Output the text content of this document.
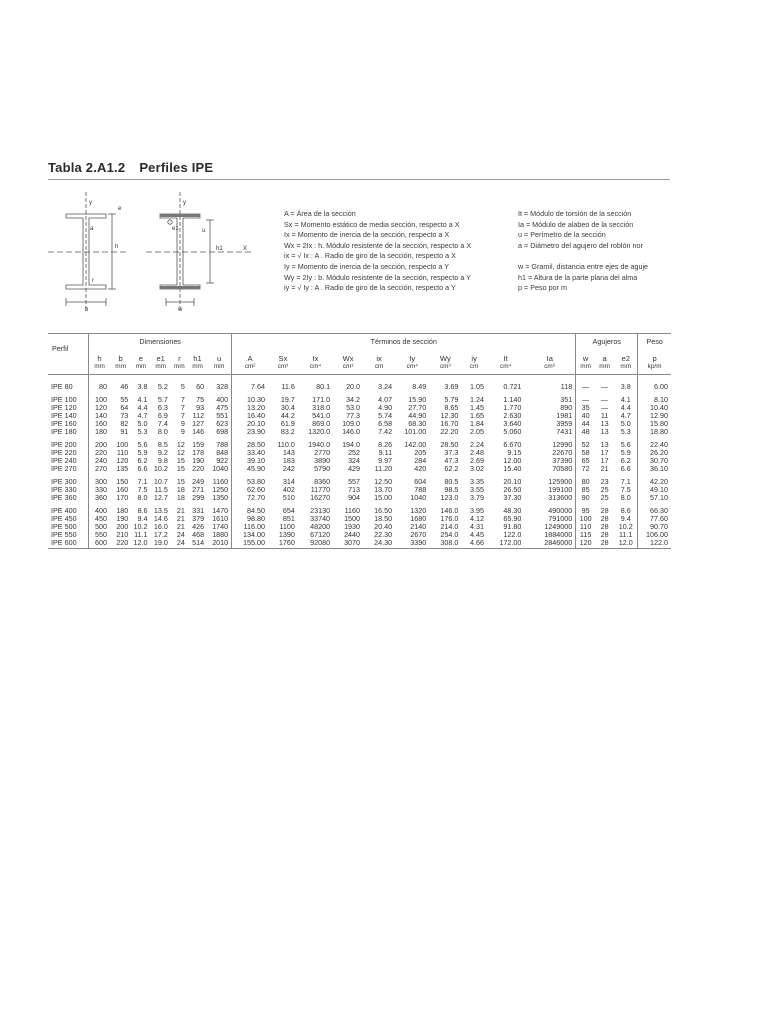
Tabla 2.A1.2 Perfiles IPE
y	y
e
a
h	h1	X
r
b	w
e1	u
A = Área de la sección
Sx = Momento estático de media sección, respecto a X
Ix = Momento de inercia de la sección, respecto a X
Wx = 2Ix : h. Módulo resistente de la sección, respecto a X
ix = √ Ix : A . Radio de giro de la sección, respecto a X
Iy = Momento de inercia de la sección, respecto a Y
Wy = 2Iy : b. Módulo resistente de la sección, respecto a Y
iy = √ Iy : A . Radio de giro de la sección, respecto a Y
It = Módulo de torsión de la sección
Ia = Módulo de alabeo de la sección
u = Perímetro de la sección
a = Diámetro del agujero del roblón nor

w = Gramil, distancia entre ejes de aguje
h1 = Altura de la parte plana del alma
p = Peso por m
Perfil	Dimensiones							Términos de sección										Agujeros			Peso
	h	b	e	e1	r	h1	u	A	Sx	Ix	Wx	ix	Iy	Wy	iy	It	Ia	w	a	e2	p
	mm	mm	mm	mm	mm	mm	mm	cm²	cm³	cm⁴	cm³	cm	cm⁴	cm³	cm	cm⁴	cm⁶	mm	mm	mm	kp/m
IPE 80	80	46	3.8	5.2	5	60	328	7.64	11.6	80.1	20.0	3.24	8.49	3.69	1.05	0.721	118	—	—	3.8	6.00
IPE 100	100	55	4.1	5.7	7	75	400	10.30	19.7	171.0	34.2	4.07	15.90	5.79	1.24	1.140	351	—	—	4.1	8.10
IPE 120	120	64	4.4	6.3	7	93	475	13.20	30.4	318.0	53.0	4.90	27.70	8.65	1.45	1.770	890	35	—	4.4	10.40
IPE 140	140	73	4.7	6.9	7	112	551	16.40	44.2	541.0	77.3	5.74	44.90	12.30	1.65	2.630	1981	40	11	4.7	12.90
IPE 160	160	82	5.0	7.4	9	127	623	20.10	61.9	869.0	109.0	6.58	68.30	16.70	1.84	3.640	3959	44	13	5.0	15.80
IPE 180	180	91	5.3	8.0	9	146	698	23.90	83.2	1320.0	146.0	7.42	101.00	22.20	2.05	5.060	7431	48	13	5.3	18.80
IPE 200	200	100	5.6	8.5	12	159	788	28.50	110.0	1940.0	194.0	8.26	142.00	28.50	2.24	6.670	12990	52	13	5.6	22.40
IPE 220	220	110	5.9	9.2	12	178	848	33.40	143	2770	252	9.11	205	37.3	2.48	9.15	22670	58	17	5.9	26.20
IPE 240	240	120	6.2	9.8	15	190	922	39.10	183	3890	324	9.97	284	47.3	2.69	12.00	37390	65	17	6.2	30.70
IPE 270	270	135	6.6	10.2	15	220	1040	45.90	242	5790	429	11.20	420	62.2	3.02	15.40	70580	72	21	6.6	36.10
IPE 300	300	150	7.1	10.7	15	249	1160	53.80	314	8360	557	12.50	604	80.5	3.35	20.10	125900	80	23	7.1	42.20
IPE 330	330	160	7.5	11.5	18	271	1250	62.60	402	11770	713	13.70	788	98.5	3.55	26.50	199100	85	25	7.5	49.10
IPE 360	360	170	8.0	12.7	18	299	1350	72.70	510	16270	904	15.00	1040	123.0	3.79	37.30	313600	90	25	8.0	57.10
IPE 400	400	180	8.6	13.5	21	331	1470	84.50	654	23130	1160	16.50	1320	146.0	3.95	48.30	490000	95	28	8.6	66.30
IPE 450	450	190	9.4	14.6	21	379	1610	98.80	851	33740	1500	18.50	1680	176.0	4.12	65.90	791000	100	28	9.4	77.60
IPE 500	500	200	10.2	16.0	21	426	1740	116.00	1100	48200	1930	20.40	2140	214.0	4.31	91.80	1249000	110	28	10.2	90.70
IPE 550	550	210	11.1	17.2	24	468	1880	134.00	1390	67120	2440	22.30	2670	254.0	4.45	122.0	1884000	115	28	11.1	106.00
IPE 600	600	220	12.0	19.0	24	514	2010	155.00	1760	92080	3070	24.30	3390	308.0	4.66	172.00	2846000	120	28	12.0	122.0
